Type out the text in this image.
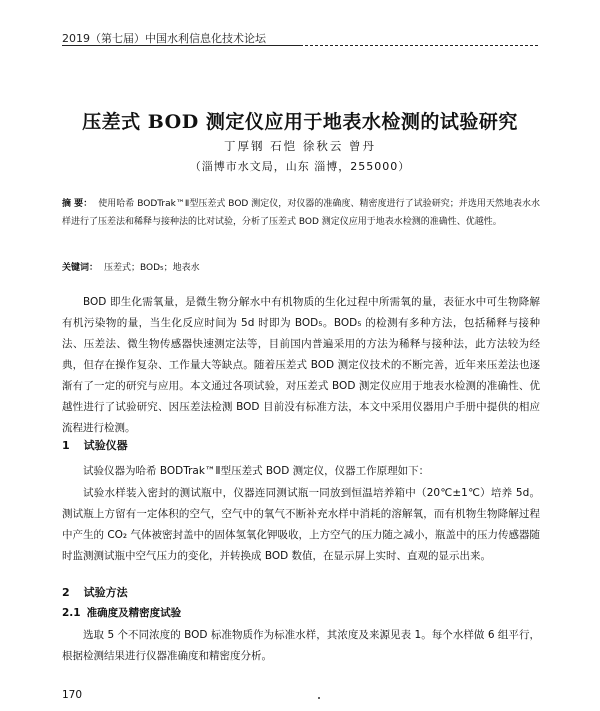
2019（第七届）中国水利信息化技术论坛
压差式 BOD 测定仪应用于地表水检测的试验研究
丁厚钢 石恺 徐秋云 曾丹
（淄博市水文局，山东 淄博，255000）
摘 要： 使用哈希 BODTrak™Ⅱ型压差式 BOD 测定仪，对仪器的准确度、精密度进行了试验研究；并选用天然地表水水样进行了压差法和稀释与接种法的比对试验，分析了压差式 BOD 测定仪应用于地表水检测的准确性、优越性。
关键词： 压差式；BOD₅；地表水
BOD 即生化需氧量，是微生物分解水中有机物质的生化过程中所需氧的量，表征水中可生物降解有机污染物的量，当生化反应时间为 5d 时即为 BOD₅。BOD₅ 的检测有多种方法，包括稀释与接种法、压差法、微生物传感器快速测定法等，目前国内普遍采用的方法为稀释与接种法，此方法较为经典，但存在操作复杂、工作量大等缺点。随着压差式 BOD 测定仪技术的不断完善，近年来压差法也逐渐有了一定的研究与应用。本文通过各项试验，对压差式 BOD 测定仪应用于地表水检测的准确性、优越性进行了试验研究、因压差法检测 BOD 目前没有标准方法，本文中采用仪器用户手册中提供的相应流程进行检测。
1 试验仪器
试验仪器为哈希 BODTrak™Ⅱ型压差式 BOD 测定仪，仪器工作原理如下：
试验水样装入密封的测试瓶中，仪器连同测试瓶一同放到恒温培养箱中（20℃±1℃）培养 5d。测试瓶上方留有一定体积的空气，空气中的氧气不断补充水样中消耗的溶解氧，而有机物生物降解过程中产生的 CO₂ 气体被密封盖中的固体氢氧化钾吸收，上方空气的压力随之减小，瓶盖中的压力传感器随时监测测试瓶中空气压力的变化，并转换成 BOD 数值，在显示屏上实时、直观的显示出来。
2 试验方法
2.1 准确度及精密度试验
选取 5 个不同浓度的 BOD 标准物质作为标准水样，其浓度及来源见表 1。每个水样做 6 组平行，根据检测结果进行仪器准确度和精密度分析。
170
